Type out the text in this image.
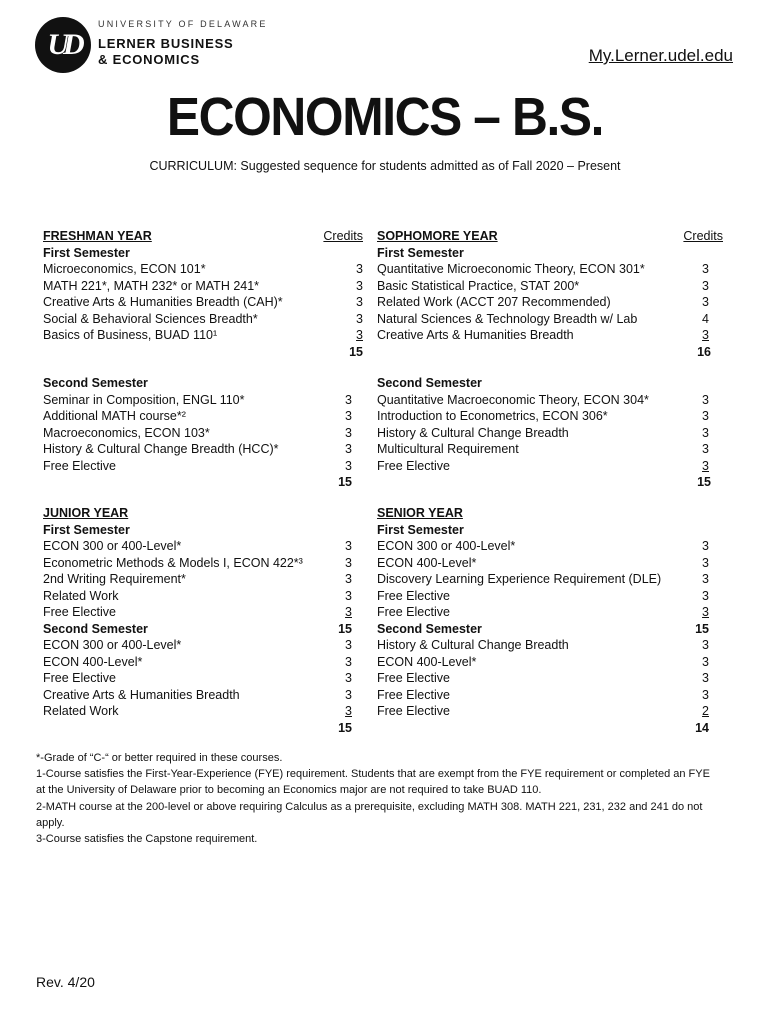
UD
UNIVERSITY OF DELAWARE
LERNER BUSINESS
& ECONOMICS	My.Lerner.udel.edu
ECONOMICS – B.S.
CURRICULUM: Suggested sequence for students admitted as of Fall 2020 – Present
FRESHMAN YEAR
First Semester
Microeconomics, ECON 101*
MATH 221*, MATH 232* or MATH 241*
Creative Arts & Humanities Breadth (CAH)*
Social & Behavioral Sciences Breadth*
Basics of Business, BUAD 110¹
Credits
3
3
3
3
3
15
Second Semester
Seminar in Composition, ENGL 110*
Additional MATH course*²
Macroeconomics, ECON 103*
History & Cultural Change Breadth (HCC)*
Free Elective
3
3
3
3
3
15
SOPHOMORE YEAR
First Semester
Quantitative Microeconomic Theory, ECON 301*
Basic Statistical Practice, STAT 200*
Related Work (ACCT 207 Recommended)
Natural Sciences & Technology Breadth w/ Lab
Creative Arts & Humanities Breadth
Credits
3
3
3
4
3
16
Second Semester
Quantitative Macroeconomic Theory, ECON 304*
Introduction to Econometrics, ECON 306*
History & Cultural Change Breadth
Multicultural Requirement
Free Elective
3
3
3
3
3
15
JUNIOR YEAR
First Semester
ECON 300 or 400-Level*
Econometric Methods & Models I, ECON 422*³
2nd Writing Requirement*
Related Work
Free Elective
Second Semester
ECON 300 or 400-Level*
ECON 400-Level*
Free Elective
Creative Arts & Humanities Breadth
Related Work
3
3
3
3
3
15
3
3
3
3
3
15
SENIOR YEAR
First Semester
ECON 300 or 400-Level*
ECON 400-Level*
Discovery Learning Experience Requirement (DLE)
Free Elective
Free Elective
Second Semester
History & Cultural Change Breadth
ECON 400-Level*
Free Elective
Free Elective
Free Elective
3
3
3
3
3
15
3
3
3
3
2
14
*-Grade of “C-“ or better required in these courses.
1-Course satisfies the First-Year-Experience (FYE) requirement. Students that are exempt from the FYE requirement or completed an FYE at the University of Delaware prior to becoming an Economics major are not required to take BUAD 110.
2-MATH course at the 200-level or above requiring Calculus as a prerequisite, excluding MATH 308. MATH 221, 231, 232 and 241 do not apply.
3-Course satisfies the Capstone requirement.
Rev. 4/20
